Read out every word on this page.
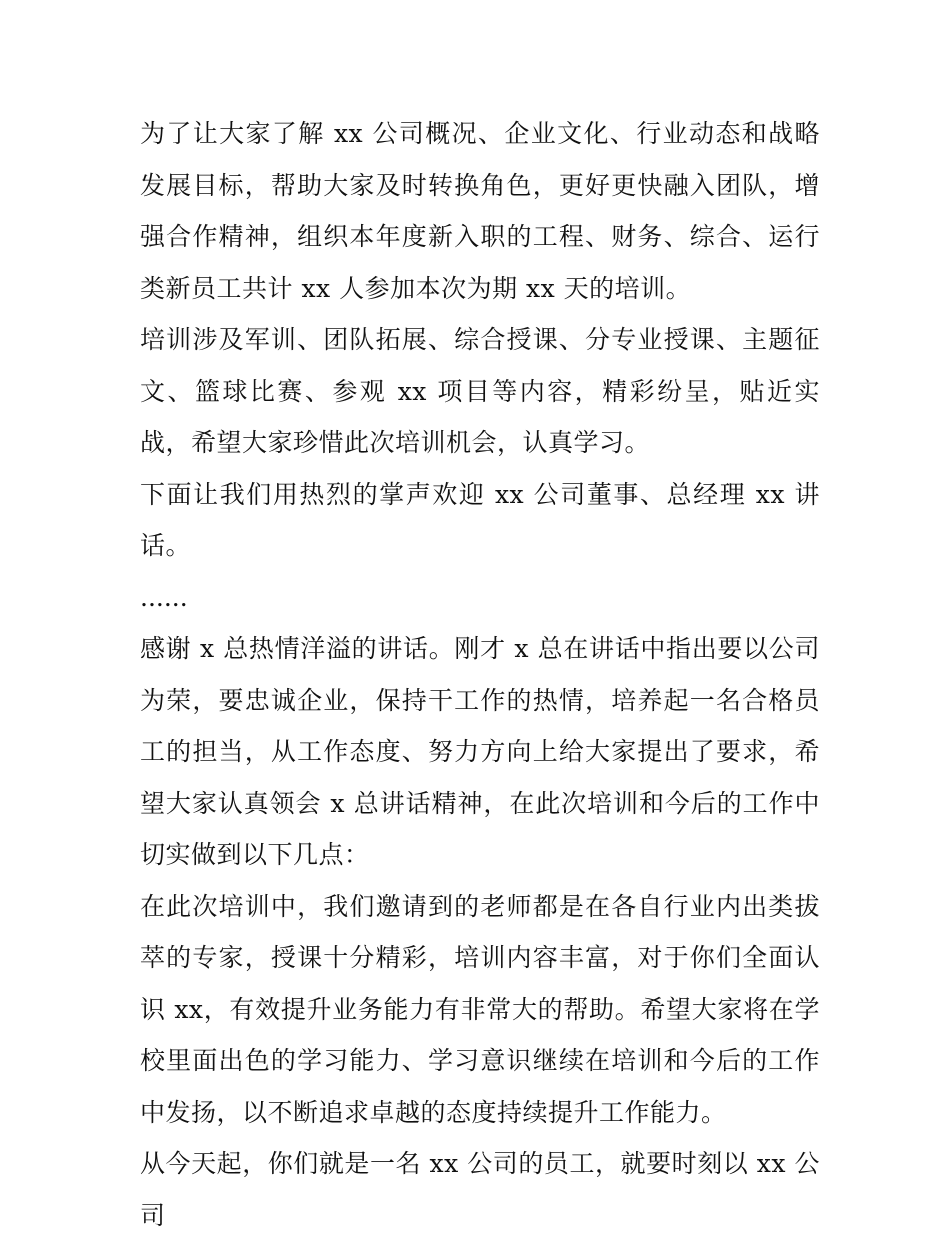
为了让大家了解 xx 公司概况、企业文化、行业动态和战略发展目标，帮助大家及时转换角色，更好更快融入团队，增强合作精神，组织本年度新入职的工程、财务、综合、运行类新员工共计 xx 人参加本次为期 xx 天的培训。

培训涉及军训、团队拓展、综合授课、分专业授课、主题征文、篮球比赛、参观 xx 项目等内容，精彩纷呈，贴近实战，希望大家珍惜此次培训机会，认真学习。

下面让我们用热烈的掌声欢迎 xx 公司董事、总经理 xx 讲话。

......

感谢 x 总热情洋溢的讲话。刚才 x 总在讲话中指出要以公司为荣，要忠诚企业，保持干工作的热情，培养起一名合格员工的担当，从工作态度、努力方向上给大家提出了要求，希望大家认真领会 x 总讲话精神，在此次培训和今后的工作中切实做到以下几点：

在此次培训中，我们邀请到的老师都是在各自行业内出类拔萃的专家，授课十分精彩，培训内容丰富，对于你们全面认识 xx，有效提升业务能力有非常大的帮助。希望大家将在学校里面出色的学习能力、学习意识继续在培训和今后的工作中发扬，以不断追求卓越的态度持续提升工作能力。

从今天起，你们就是一名 xx 公司的员工，就要时刻以 xx 公司
